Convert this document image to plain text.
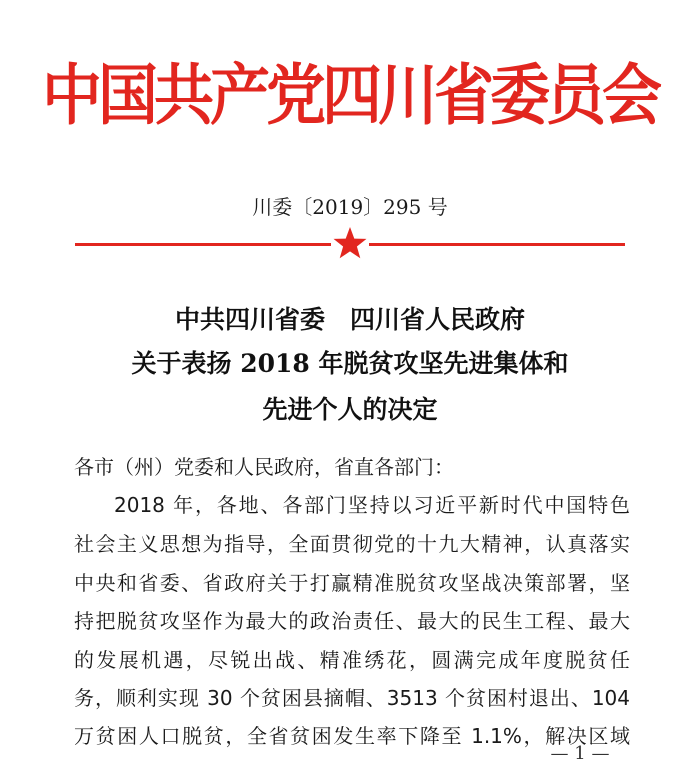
中国共产党四川省委员会
川委〔2019〕295 号
中共四川省委　四川省人民政府
关于表扬 2018 年脱贫攻坚先进集体和
先进个人的决定
各市（州）党委和人民政府，省直各部门：
2018 年，各地、各部门坚持以习近平新时代中国特色
社会主义思想为指导，全面贯彻党的十九大精神，认真落实
中央和省委、省政府关于打赢精准脱贫攻坚战决策部署，坚
持把脱贫攻坚作为最大的政治责任、最大的民生工程、最大
的发展机遇，尽锐出战、精准绣花，圆满完成年度脱贫任
务，顺利实现 30 个贫困县摘帽、3513 个贫困村退出、104
万贫困人口脱贫，全省贫困发生率下降至 1.1%，解决区域
— 1 —
